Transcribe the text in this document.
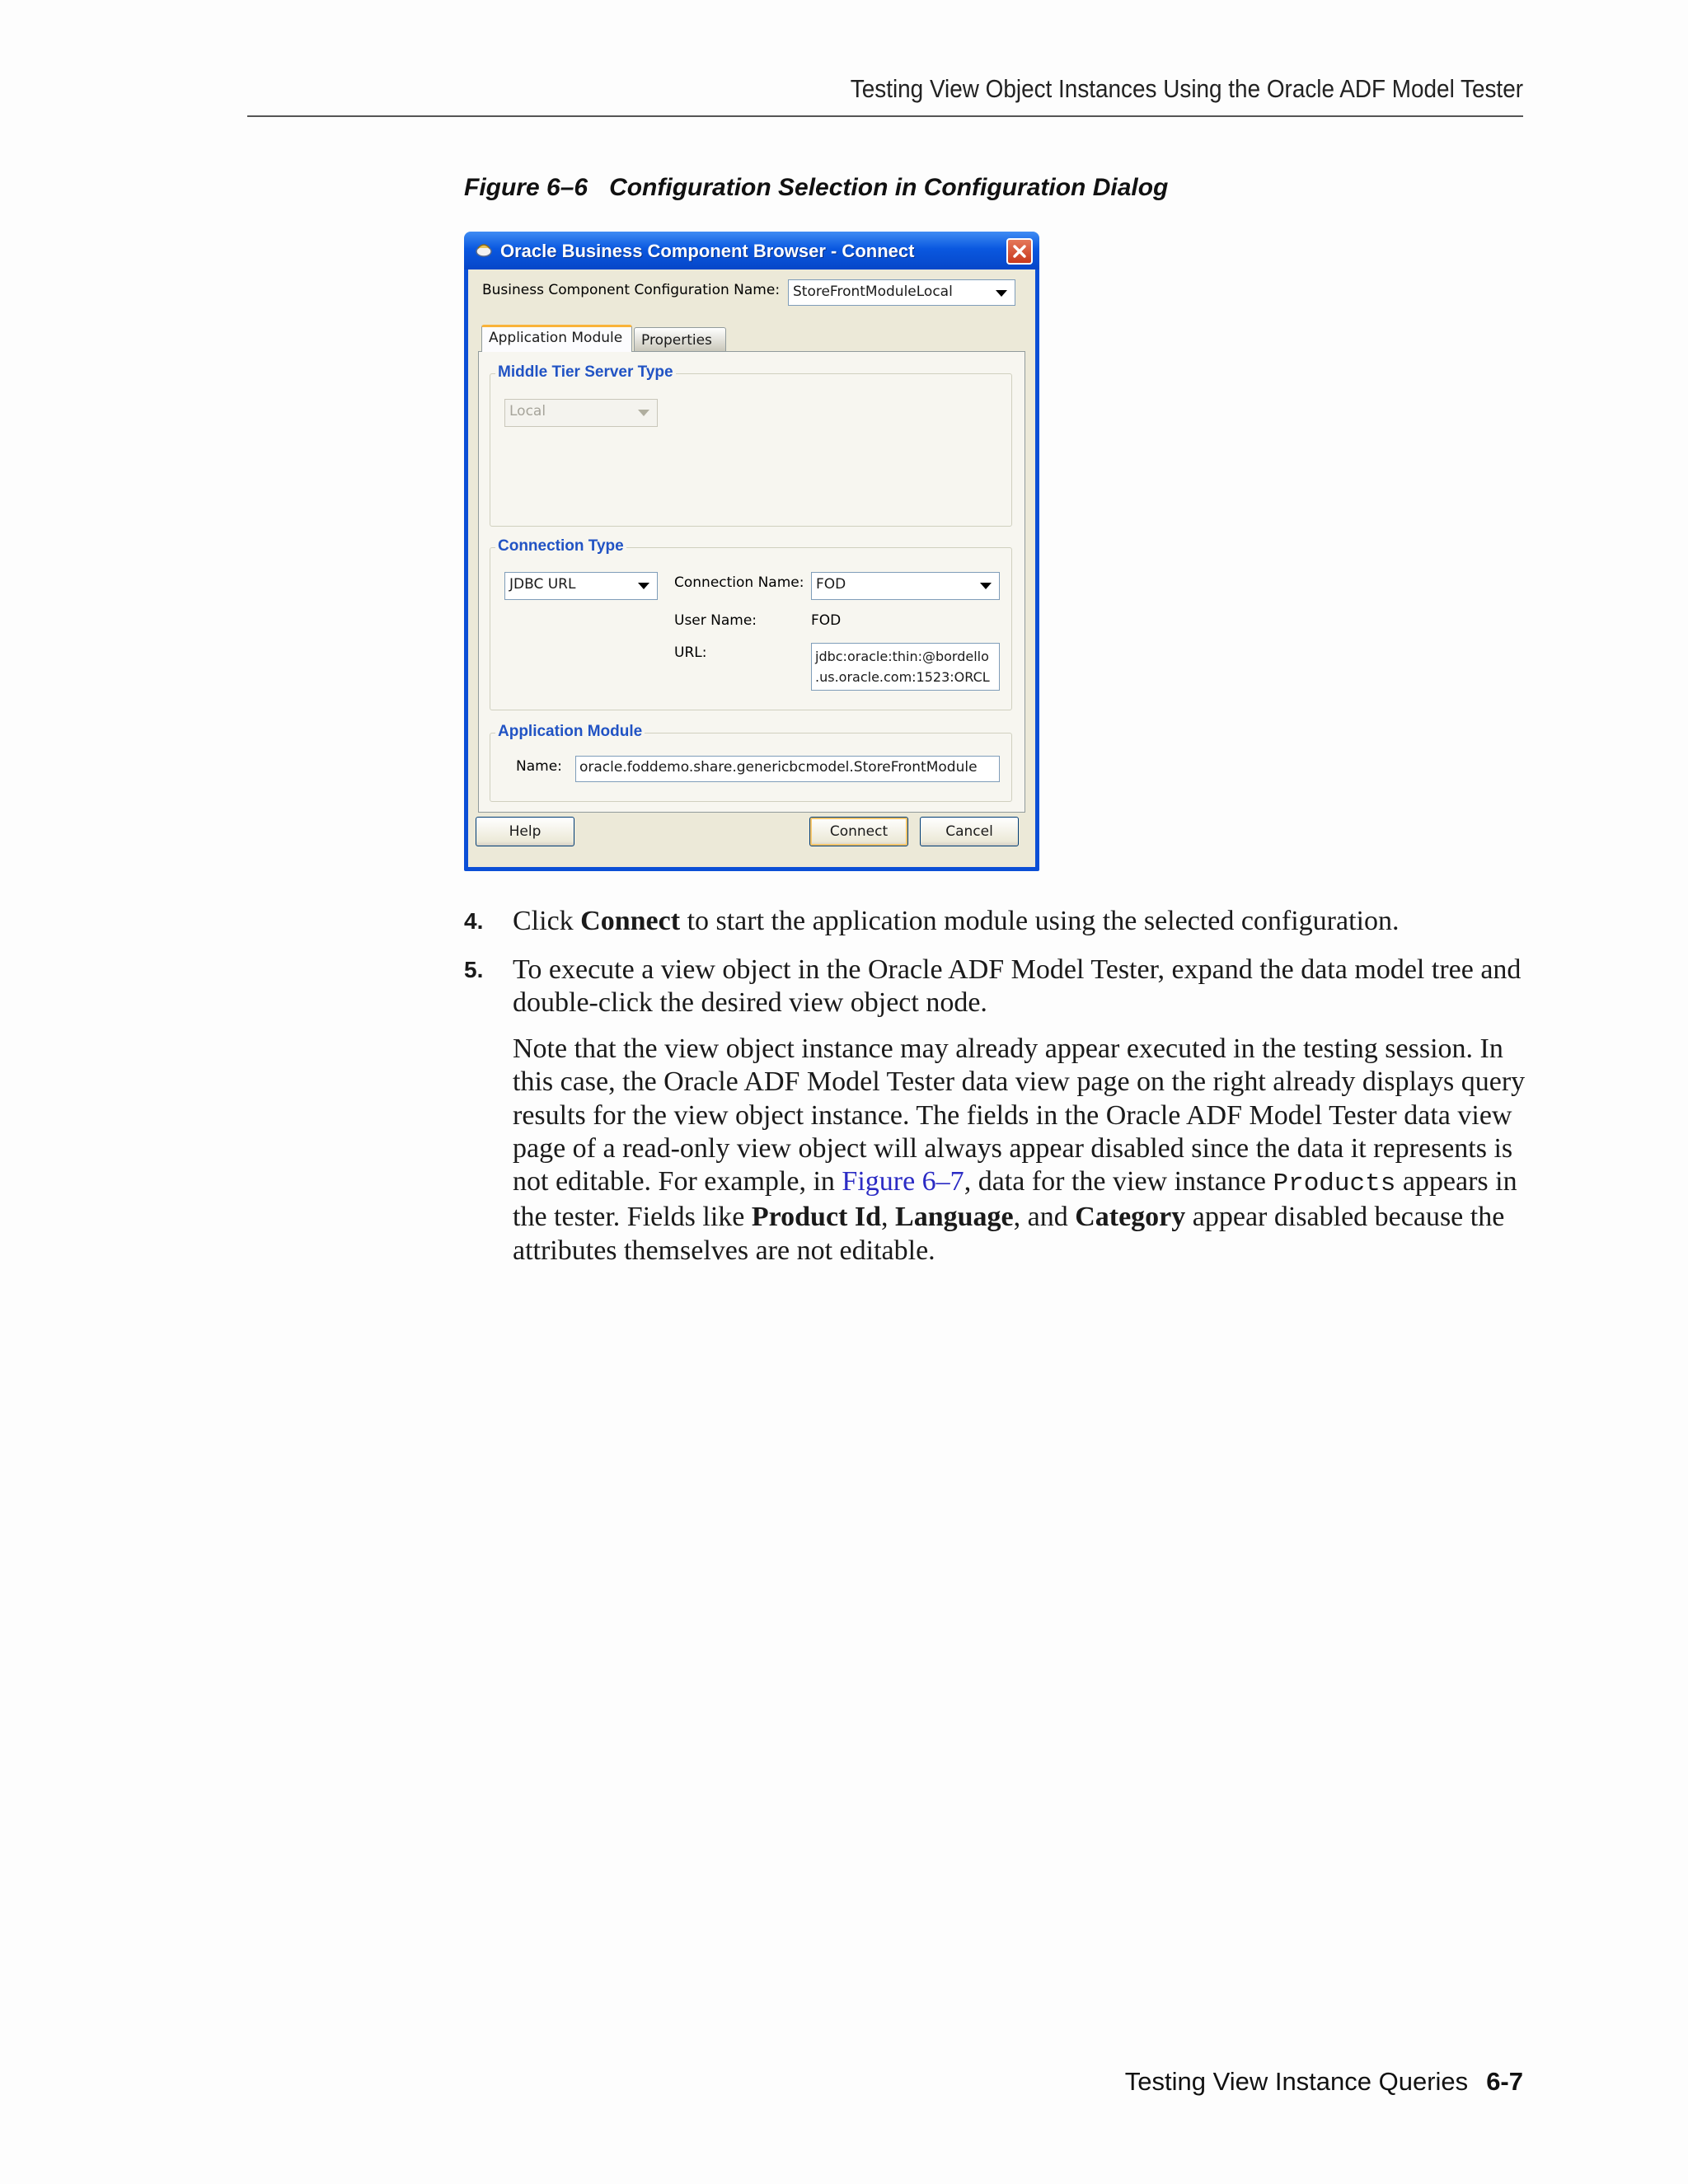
Testing View Object Instances Using the Oracle ADF Model Tester
Figure 6–6 Configuration Selection in Configuration Dialog
Oracle Business Component Browser - Connect
Business Component Configuration Name: StoreFrontModuleLocal
Application Module	Properties
Middle Tier Server Type
Local
Connection Type
JDBC URL	Connection Name: FOD
User Name:	FOD
URL:	jdbc:oracle:thin:@bordello
.us.oracle.com:1523:ORCL
Application Module
Name: oracle.foddemo.share.genericbcmodel.StoreFrontModule
Help	Connect	Cancel
4. Click Connect to start the application module using the selected configuration.
5. To execute a view object in the Oracle ADF Model Tester, expand the data model tree and double-click the desired view object node.
Note that the view object instance may already appear executed in the testing session. In this case, the Oracle ADF Model Tester data view page on the right already displays query results for the view object instance. The fields in the Oracle ADF Model Tester data view page of a read-only view object will always appear disabled since the data it represents is not editable. For example, in Figure 6–7, data for the view instance Products appears in the tester. Fields like Product Id, Language, and Category appear disabled because the attributes themselves are not editable.
Testing View Instance Queries 6-7
